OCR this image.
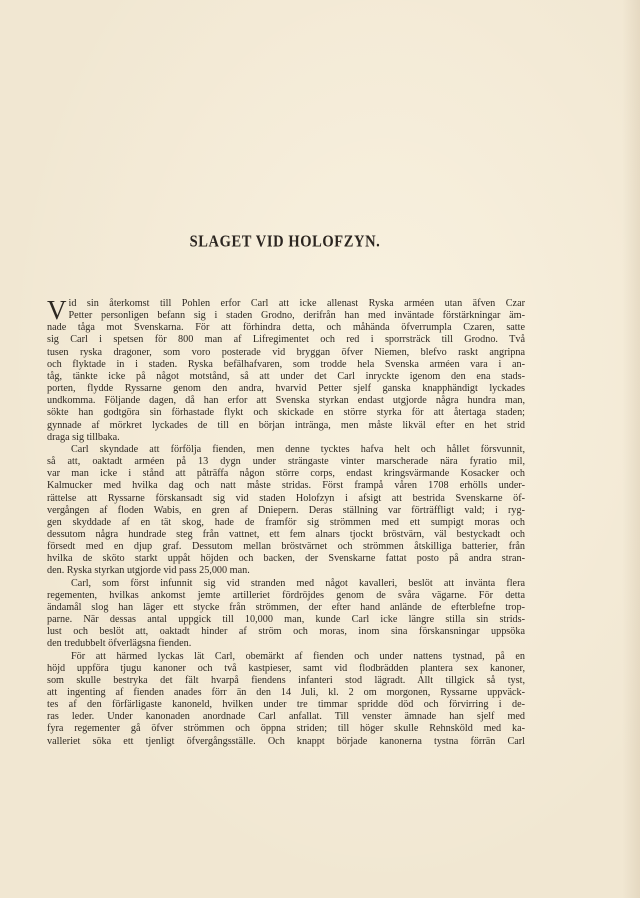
SLAGET VID HOLOFZYN.
V id sin återkomst till Pohlen erfor Carl att icke allenast Ryska arméen utan äfven Czar
Petter personligen befann sig i staden Grodno, derifrån han med inväntade förstärkningar äm-
nade tåga mot Svenskarna. För att förhindra detta, och måhända öfverrumpla Czaren, satte
sig Carl i spetsen för 800 man af Lifregimentet och red i sporrsträck till Grodno. Två
tusen ryska dragoner, som voro posterade vid bryggan öfver Niemen, blefvo raskt angripna
och flyktade in i staden. Ryska befälhafvaren, som trodde hela Svenska arméen vara i an-
tåg, tänkte icke på något motstånd, så att under det Carl inryckte igenom den ena stads-
porten, flydde Ryssarne genom den andra, hvarvid Petter sjelf ganska knapphändigt lyckades
undkomma. Följande dagen, då han erfor att Svenska styrkan endast utgjorde några hundra man,
sökte han godtgöra sin förhastade flykt och skickade en större styrka för att återtaga staden;
gynnade af mörkret lyckades de till en början intränga, men måste likväl efter en het strid
draga sig tillbaka.
Carl skyndade att förfölja fienden, men denne tycktes hafva helt och hållet försvunnit,
så att, oaktadt arméen på 13 dygn under strängaste vinter marscherade nära fyratio mil,
var man icke i stånd att påträffa någon större corps, endast kringsvärmande Kosacker och
Kalmucker med hvilka dag och natt måste stridas. Först frampå våren 1708 erhölls under-
rättelse att Ryssarne förskansadt sig vid staden Holofzyn i afsigt att bestrida Svenskarne öf-
vergången af floden Wabis, en gren af Dniepern. Deras ställning var förträffligt vald; i ryg-
gen skyddade af en tät skog, hade de framför sig strömmen med ett sumpigt moras och
dessutom några hundrade steg från vattnet, ett fem alnars tjockt bröstvärn, väl bestyckadt och
försedt med en djup graf. Dessutom mellan bröstvärnet och strömmen åtskilliga batterier, från
hvilka de sköto starkt uppåt höjden och backen, der Svenskarne fattat posto på andra stran-
den. Ryska styrkan utgjorde vid pass 25,000 man.
Carl, som först infunnit sig vid stranden med något kavalleri, beslöt att inväntа flera
regementen, hvilkas ankomst jemte artilleriet fördröjdes genom de svåra vägarne. För detta
ändamål slog han läger ett stycke från strömmen, der efter hand anlände de efterblefne trop-
parne. När dessas antal uppgick till 10,000 man, kunde Carl icke längre stilla sin strids-
lust och beslöt att, oaktadt hinder af ström och moras, inom sina förskansningar uppsöka
den tredubbelt öfverlägsna fienden.
För att härmed lyckas lät Carl, obemärkt af fienden och under nattens tystnad, på en
höjd uppföra tjugu kanoner och två kastpieser, samt vid flodbrädden plantera sex kanoner,
som skulle bestryka det fält hvarpå fiendens infanteri stod lägradt. Allt tillgick så tyst,
att ingenting af fienden anades förr än den 14 Juli, kl. 2 om morgonen, Ryssarne uppväck-
tes af den förfärligaste kanoneld, hvilken under tre timmar spridde död och förvirring i de-
ras leder. Under kanonaden anordnade Carl anfallat. Till venster ämnade han sjelf med
fyra regementer gå öfver strömmen och öppna striden; till höger skulle Rehnsköld med ka-
valleriet söka ett tjenligt öfvergångsställe. Och knappt började kanonerna tystna förrän Carl
